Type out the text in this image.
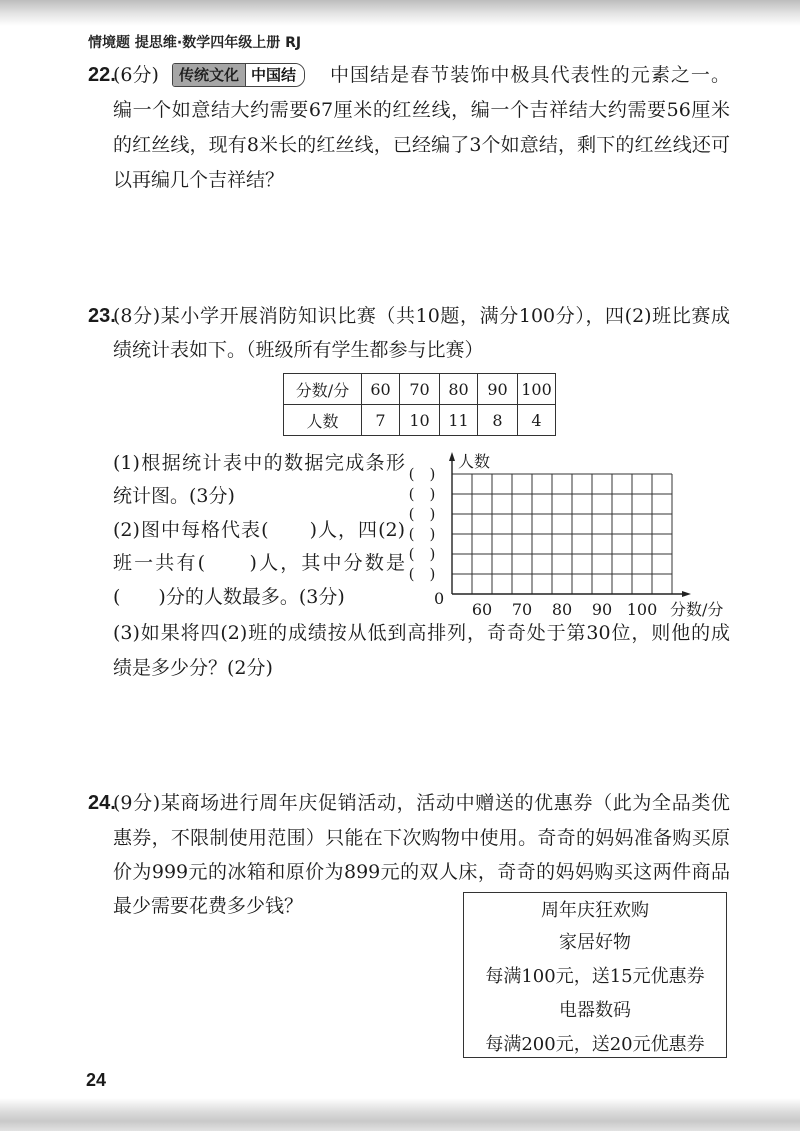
情境题 提思维·数学四年级上册 RJ
22.
(6分)	传统文化 中国结	中国结是春节装饰中极具代表性的元素之一。
编一个如意结大约需要67厘米的红丝线，编一个吉祥结大约需要56厘米
的红丝线，现有8米长的红丝线，已经编了3个如意结，剩下的红丝线还可
以再编几个吉祥结？
23.
(8分)某小学开展消防知识比赛（共10题，满分100分），四(2)班比赛成
绩统计表如下。（班级所有学生都参与比赛）
分数/分	60	70	80	90	100
人数	7	10	11	8	4
(1)根据统计表中的数据完成条形
统计图。(3分)
(2)图中每格代表(　　)人，四(2)
班一共有(　　)人，其中分数是
(　　)分的人数最多。(3分)
人数
(　)
(　)
(　)
(　)
(　)
(　)
0
60	70	80	90 100 分数/分
(3)如果将四(2)班的成绩按从低到高排列，奇奇处于第30位，则他的成
绩是多少分？(2分)
24.
(9分)某商场进行周年庆促销活动，活动中赠送的优惠券（此为全品类优
惠券，不限制使用范围）只能在下次购物中使用。奇奇的妈妈准备购买原
价为999元的冰箱和原价为899元的双人床，奇奇的妈妈购买这两件商品
最少需要花费多少钱？	周年庆狂欢购
家居好物
每满100元，送15元优惠券
电器数码
每满200元，送20元优惠券
24
